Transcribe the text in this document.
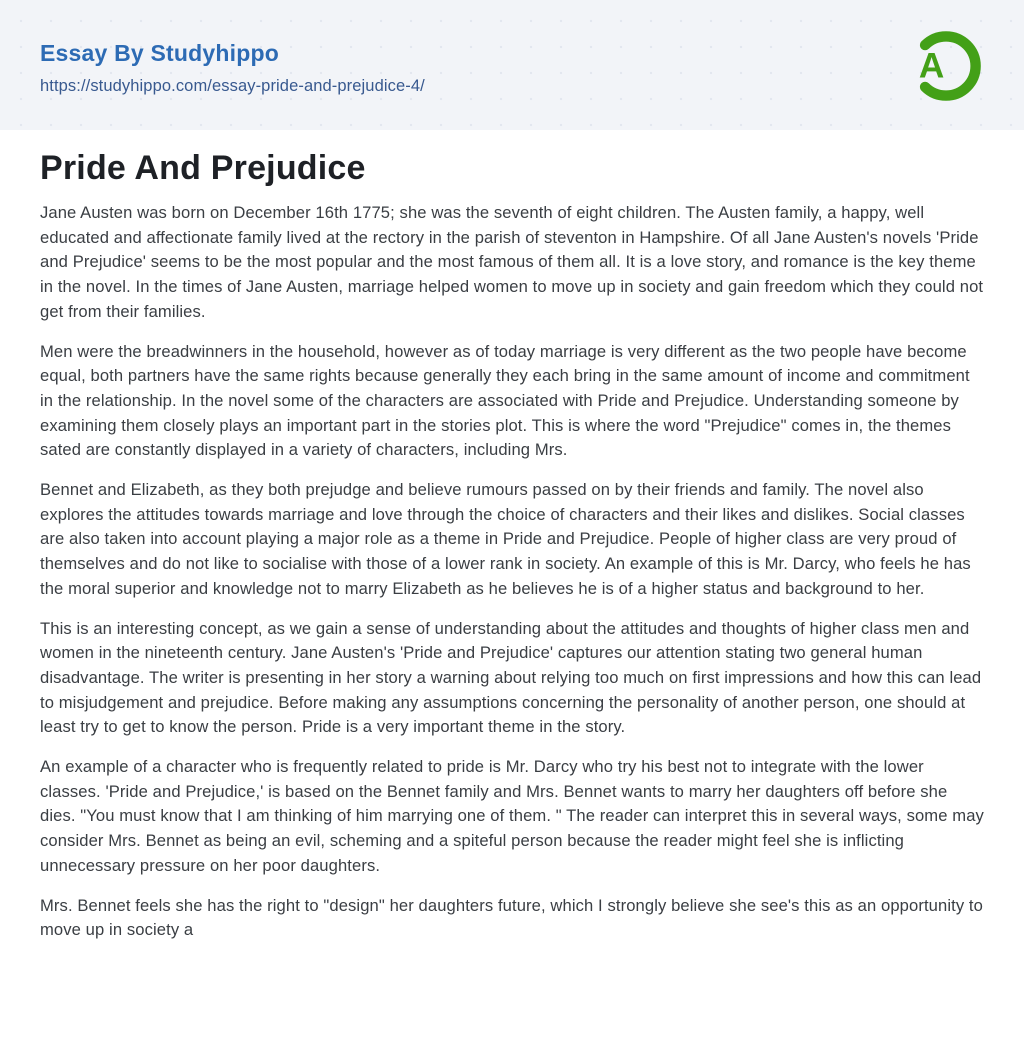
Essay By Studyhippo
https://studyhippo.com/essay-pride-and-prejudice-4/
A
Pride And Prejudice

Jane Austen was born on December 16th 1775; she was the seventh of eight children. The Austen family, a happy, well educated and affectionate family lived at the rectory in the parish of steventon in Hampshire. Of all Jane Austen's novels 'Pride and Prejudice' seems to be the most popular and the most famous of them all. It is a love story, and romance is the key theme in the novel. In the times of Jane Austen, marriage helped women to move up in society and gain freedom which they could not get from their families.

Men were the breadwinners in the household, however as of today marriage is very different as the two people have become equal, both partners have the same rights because generally they each bring in the same amount of income and commitment in the relationship. In the novel some of the characters are associated with Pride and Prejudice. Understanding someone by examining them closely plays an important part in the stories plot. This is where the word "Prejudice" comes in, the themes sated are constantly displayed in a variety of characters, including Mrs.

Bennet and Elizabeth, as they both prejudge and believe rumours passed on by their friends and family. The novel also explores the attitudes towards marriage and love through the choice of characters and their likes and dislikes. Social classes are also taken into account playing a major role as a theme in Pride and Prejudice. People of higher class are very proud of themselves and do not like to socialise with those of a lower rank in society. An example of this is Mr. Darcy, who feels he has the moral superior and knowledge not to marry Elizabeth as he believes he is of a higher status and background to her.

This is an interesting concept, as we gain a sense of understanding about the attitudes and thoughts of higher class men and women in the nineteenth century. Jane Austen's 'Pride and Prejudice' captures our attention stating two general human disadvantage. The writer is presenting in her story a warning about relying too much on first impressions and how this can lead to misjudgement and prejudice. Before making any assumptions concerning the personality of another person, one should at least try to get to know the person. Pride is a very important theme in the story.

An example of a character who is frequently related to pride is Mr. Darcy who try his best not to integrate with the lower classes. 'Pride and Prejudice,' is based on the Bennet family and Mrs. Bennet wants to marry her daughters off before she dies. "You must know that I am thinking of him marrying one of them. " The reader can interpret this in several ways, some may consider Mrs. Bennet as being an evil, scheming and a spiteful person because the reader might feel she is inflicting unnecessary pressure on her poor daughters.

Mrs. Bennet feels she has the right to "design" her daughters future, which I strongly believe she see's this as an opportunity to move up in society a
